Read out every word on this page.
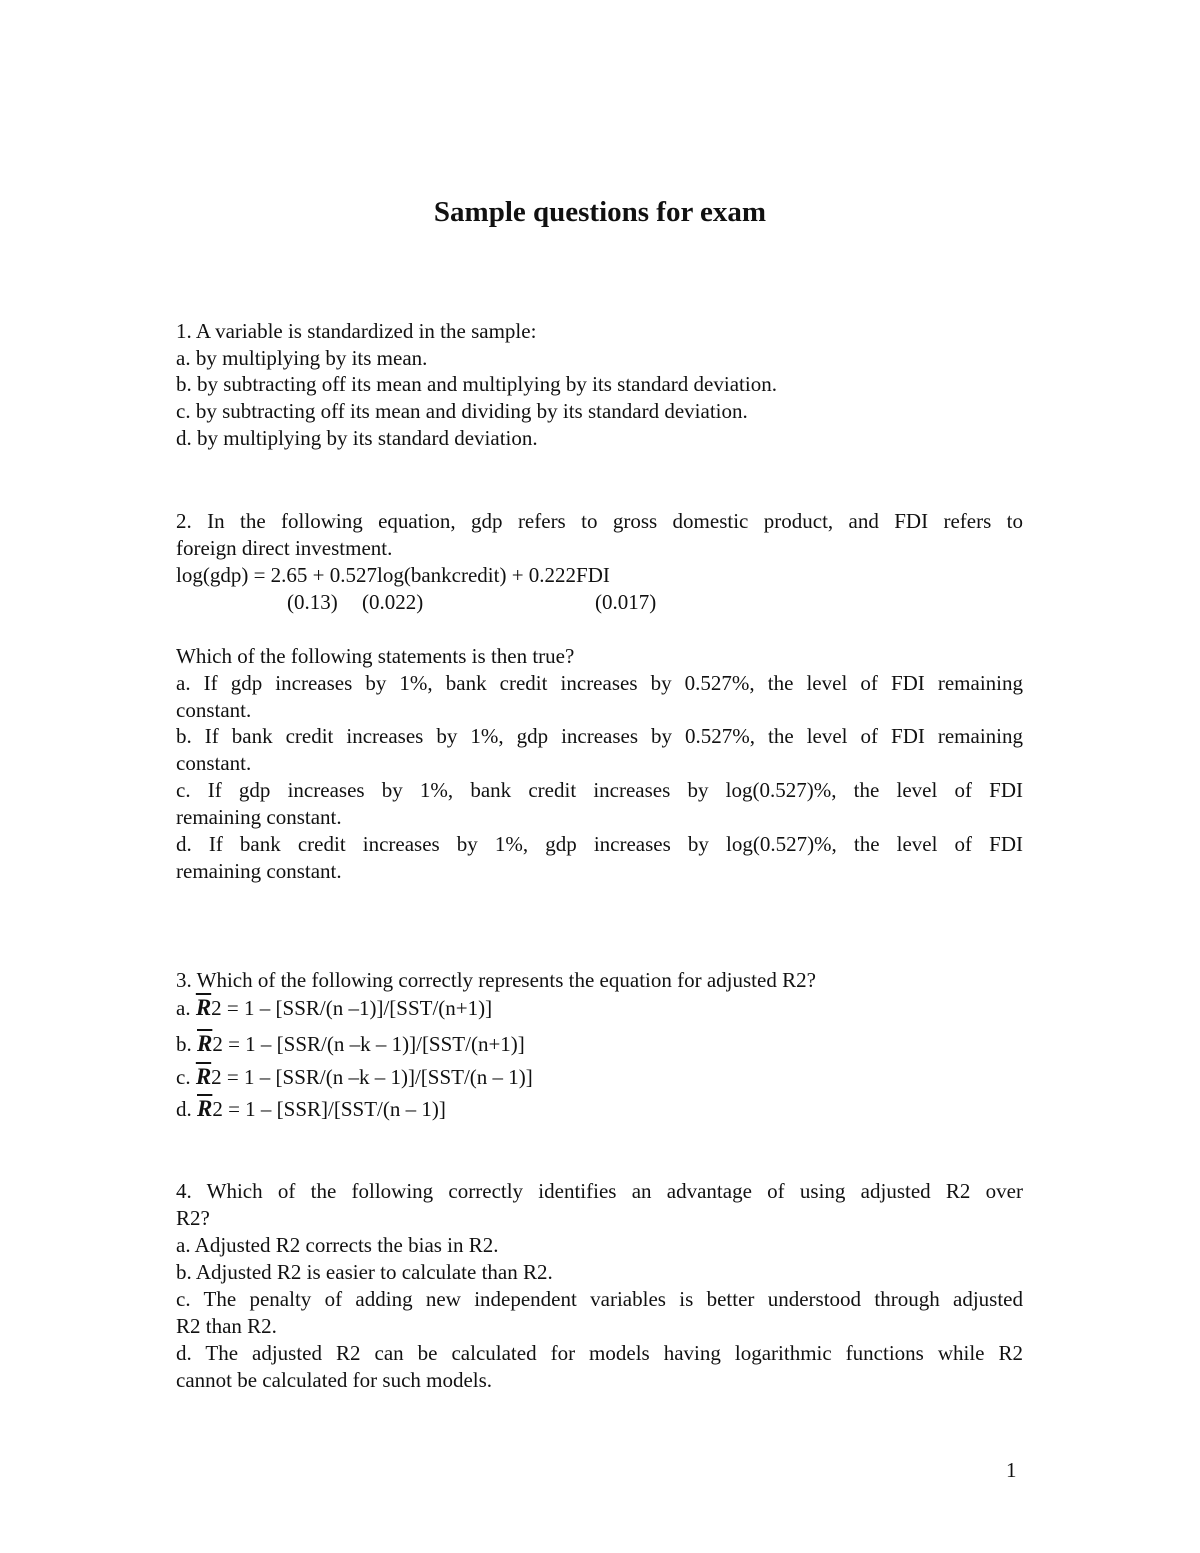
Sample questions for exam
1. A variable is standardized in the sample:
a. by multiplying by its mean.
b. by subtracting off its mean and multiplying by its standard deviation.
c. by subtracting off its mean and dividing by its standard deviation.
d. by multiplying by its standard deviation.
2. In the following equation, gdp refers to gross domestic product, and FDI refers to
foreign direct investment.
log(gdp) = 2.65 + 0.527log(bankcredit) + 0.222FDI
(0.13) (0.022)	(0.017)
Which of the following statements is then true?
a. If gdp increases by 1%, bank credit increases by 0.527%, the level of FDI remaining
constant.
b. If bank credit increases by 1%, gdp increases by 0.527%, the level of FDI remaining
constant.
c. If gdp increases by 1%, bank credit increases by log(0.527)%, the level of FDI
remaining constant.
d. If bank credit increases by 1%, gdp increases by log(0.527)%, the level of FDI
remaining constant.
3. Which of the following correctly represents the equation for adjusted R2?
a. $\overline{R}2 = 1 - [SSR/(n$ –1)]/[SST/(n+1)]
b. $\overline{R}2 = 1 - [SSR/(n$ –k – 1)]/[SST/(n+1)]
c. $\overline{R}2 = 1 - [SSR/(n$ –k – 1)]/[SST/(n – 1)]
d. $\overline{R}2 = 1 - [SSR]/[SST/(n - 1)]$
4. Which of the following correctly identifies an advantage of using adjusted R2 over
R2?
a. Adjusted R2 corrects the bias in R2.
b. Adjusted R2 is easier to calculate than R2.
c. The penalty of adding new independent variables is better understood through adjusted
R2 than R2.
d. The adjusted R2 can be calculated for models having logarithmic functions while R2
cannot be calculated for such models.
1
